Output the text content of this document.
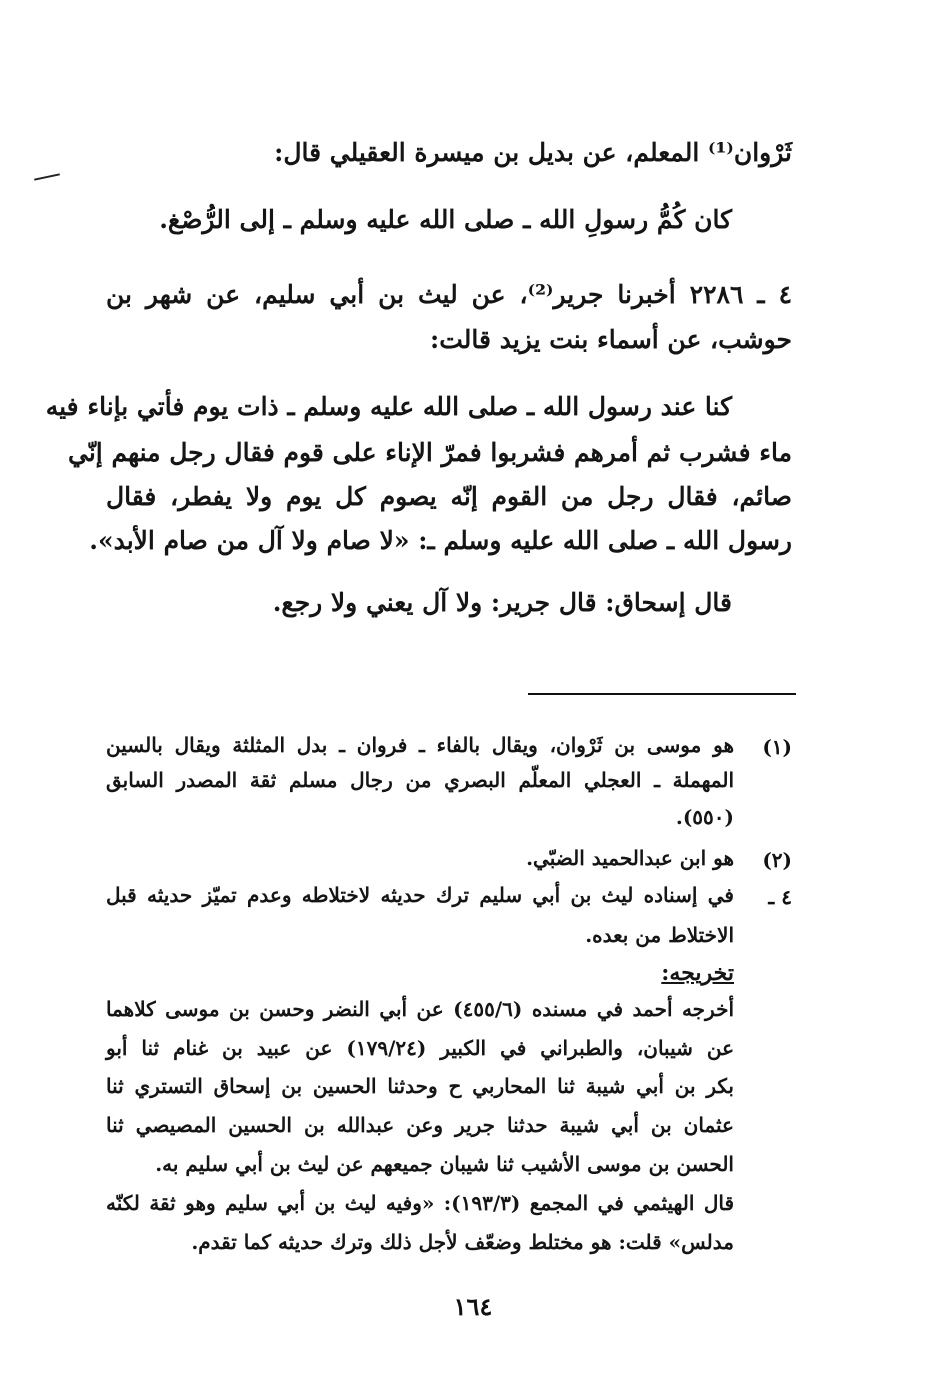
ثَرْوان⁽¹⁾ المعلم، عن بديل بن ميسرة العقيلي قال:
كان كُمُّ رسولِ الله ـ صلى الله عليه وسلم ـ إلى الرُّصْغ.
٤ ـ ٢٢٨٦ أخبرنا جرير⁽²⁾، عن ليث بن أبي سليم، عن شهر بن
حوشب، عن أسماء بنت يزيد قالت:
كنا عند رسول الله ـ صلى الله عليه وسلم ـ ذات يوم فأتي بإناء فيه
ماء فشرب ثم أمرهم فشربوا فمرّ الإناء على قوم فقال رجل منهم إنّي
صائم، فقال رجل من القوم إنّه يصوم كل يوم ولا يفطر، فقال
رسول الله ـ صلى الله عليه وسلم ـ: «لا صام ولا آل من صام الأبد».
قال إسحاق: قال جرير: ولا آل يعني ولا رجع.
(١)
هو موسى بن ثَرْوان، ويقال بالفاء ـ فروان ـ بدل المثلثة ويقال بالسين
المهملة ـ العجلي المعلّم البصري من رجال مسلم ثقة المصدر السابق
(٥٥٠).
(٢)
هو ابن عبدالحميد الضبّي.
٤ ـ
في إسناده ليث بن أبي سليم ترك حديثه لاختلاطه وعدم تميّز حديثه قبل
الاختلاط من بعده.
تخريجه:
أخرجه أحمد في مسنده (٤٥٥/٦) عن أبي النضر وحسن بن موسى كلاهما
عن شيبان، والطبراني في الكبير (١٧٩/٢٤) عن عبيد بن غنام ثنا أبو
بكر بن أبي شيبة ثنا المحاربي ح وحدثنا الحسين بن إسحاق التستري ثنا
عثمان بن أبي شيبة حدثنا جرير وعن عبدالله بن الحسين المصيصي ثنا
الحسن بن موسى الأشيب ثنا شيبان جميعهم عن ليث بن أبي سليم به.
قال الهيثمي في المجمع (١٩٣/٣): «وفيه ليث بن أبي سليم وهو ثقة لكنّه
مدلس» قلت: هو مختلط وضعّف لأجل ذلك وترك حديثه كما تقدم.
١٦٤
